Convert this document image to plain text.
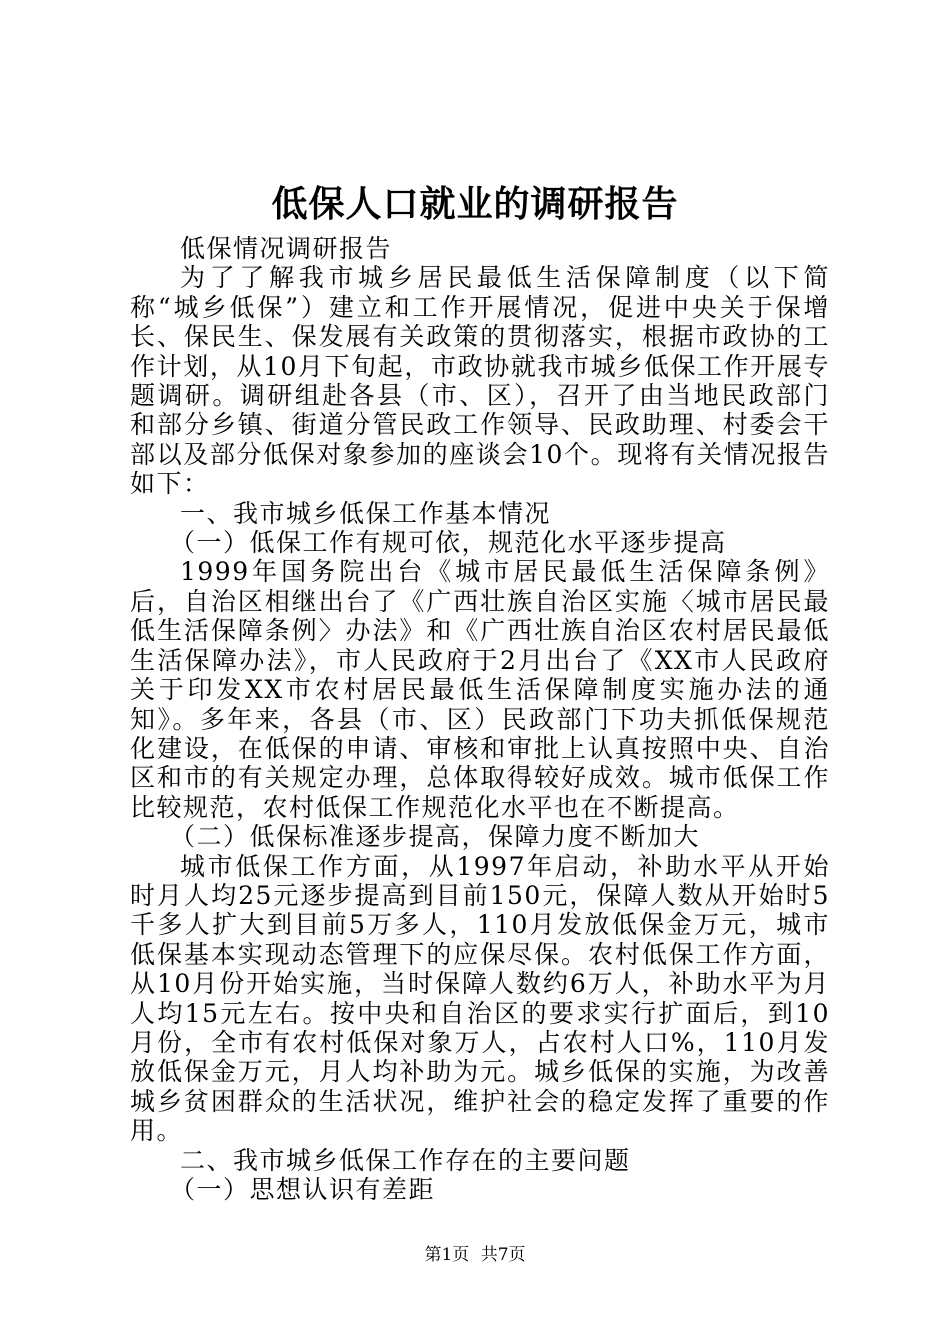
低保人口就业的调研报告

低保情况调研报告

为了了解我市城乡居民最低生活保障制度（以下简称“城乡低保”）建立和工作开展情况，促进中央关于保增长、保民生、保发展有关政策的贯彻落实，根据市政协的工作计划，从10月下旬起，市政协就我市城乡低保工作开展专题调研。调研组赴各县（市、区），召开了由当地民政部门和部分乡镇、街道分管民政工作领导、民政助理、村委会干部以及部分低保对象参加的座谈会10个。现将有关情况报告如下：

一、我市城乡低保工作基本情况

（一）低保工作有规可依，规范化水平逐步提高

1999年国务院出台《城市居民最低生活保障条例》后，自治区相继出台了《广西壮族自治区实施〈城市居民最低生活保障条例〉办法》和《广西壮族自治区农村居民最低生活保障办法》，市人民政府于2月出台了《XX市人民政府关于印发XX市农村居民最低生活保障制度实施办法的通知》。多年来，各县（市、区）民政部门下功夫抓低保规范化建设，在低保的申请、审核和审批上认真按照中央、自治区和市的有关规定办理，总体取得较好成效。城市低保工作比较规范，农村低保工作规范化水平也在不断提高。

（二）低保标准逐步提高，保障力度不断加大

城市低保工作方面，从1997年启动，补助水平从开始时月人均25元逐步提高到目前150元，保障人数从开始时5千多人扩大到目前5万多人，110月发放低保金万元，城市低保基本实现动态管理下的应保尽保。农村低保工作方面，从10月份开始实施，当时保障人数约6万人，补助水平为月人均15元左右。按中央和自治区的要求实行扩面后，到10月份，全市有农村低保对象万人，占农村人口%，110月发放低保金万元，月人均补助为元。城乡低保的实施，为改善城乡贫困群众的生活状况，维护社会的稳定发挥了重要的作用。

二、我市城乡低保工作存在的主要问题

（一）思想认识有差距

第1页 共7页
